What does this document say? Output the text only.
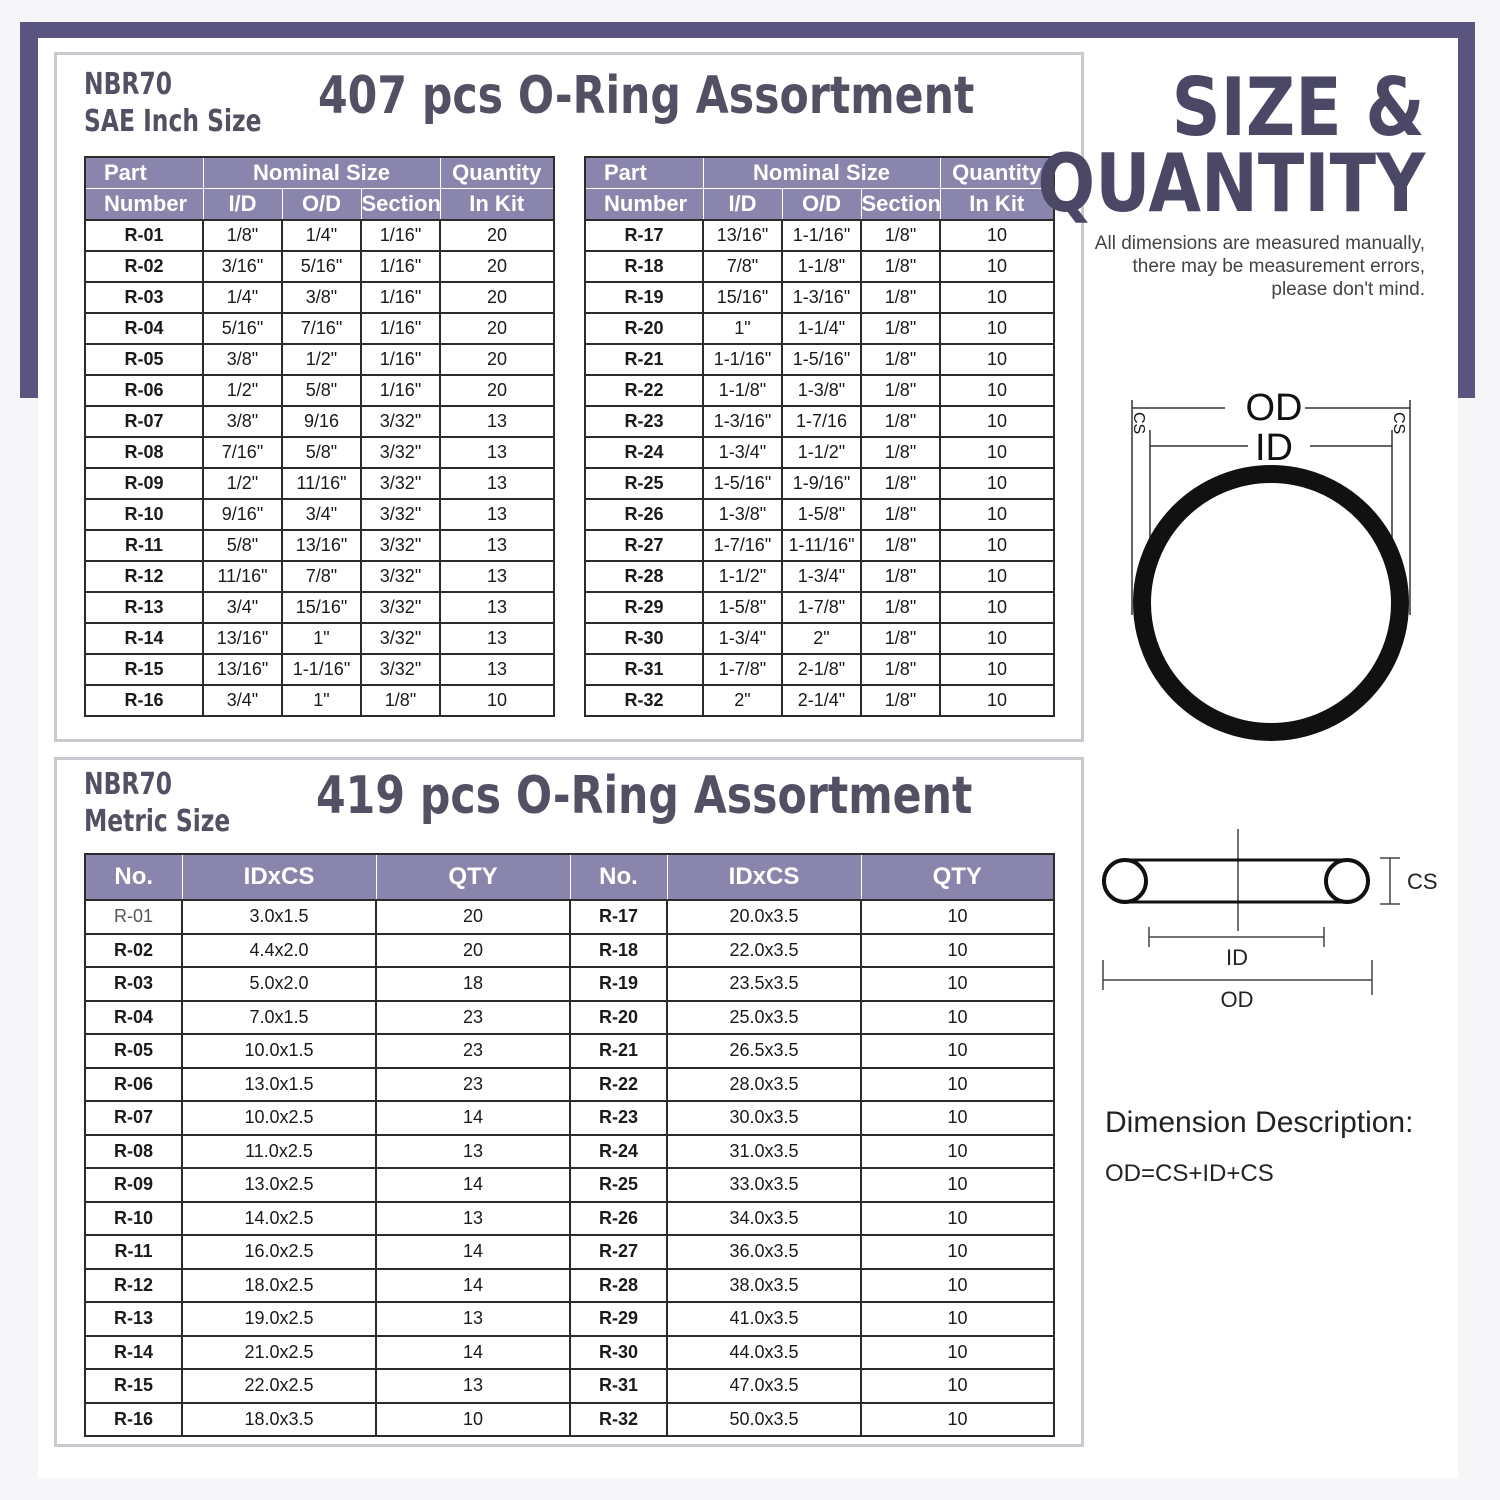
NBR70
SAE Inch Size 407 pcs O-Ring Assortment
Part	Nominal Size			Quantity
Number	I/D	O/D	Section	In Kit
R-01	1/8"	1/4"	1/16"	20
R-02	3/16"	5/16"	1/16"	20
R-03	1/4"	3/8"	1/16"	20
R-04	5/16"	7/16"	1/16"	20
R-05	3/8"	1/2"	1/16"	20
R-06	1/2"	5/8"	1/16"	20
R-07	3/8"	9/16	3/32"	13
R-08	7/16"	5/8"	3/32"	13
R-09	1/2"	11/16"	3/32"	13
R-10	9/16"	3/4"	3/32"	13
R-11	5/8"	13/16"	3/32"	13
R-12	11/16"	7/8"	3/32"	13
R-13	3/4"	15/16"	3/32"	13
R-14	13/16"	1"	3/32"	13
R-15	13/16"	1-1/16"	3/32"	13
R-16	3/4"	1"	1/8"	10
Part	Nominal Size			Quantity
Number	I/D	O/D	Section	In Kit
R-17	13/16"	1-1/16"	1/8"	10
R-18	7/8"	1-1/8"	1/8"	10
R-19	15/16"	1-3/16"	1/8"	10
R-20	1"	1-1/4"	1/8"	10
R-21	1-1/16"	1-5/16"	1/8"	10
R-22	1-1/8"	1-3/8"	1/8"	10
R-23	1-3/16"	1-7/16	1/8"	10
R-24	1-3/4"	1-1/2"	1/8"	10
R-25	1-5/16"	1-9/16"	1/8"	10
R-26	1-3/8"	1-5/8"	1/8"	10
R-27	1-7/16"	1-11/16"	1/8"	10
R-28	1-1/2"	1-3/4"	1/8"	10
R-29	1-5/8"	1-7/8"	1/8"	10
R-30	1-3/4"	2"	1/8"	10
R-31	1-7/8"	2-1/8"	1/8"	10
R-32	2"	2-1/4"	1/8"	10
NBR70
Metric Size 419 pcs O-Ring Assortment
No.	IDxCS	QTY	No.	IDxCS	QTY
R-01	3.0x1.5	20	R-17	20.0x3.5	10
R-02	4.4x2.0	20	R-18	22.0x3.5	10
R-03	5.0x2.0	18	R-19	23.5x3.5	10
R-04	7.0x1.5	23	R-20	25.0x3.5	10
R-05	10.0x1.5	23	R-21	26.5x3.5	10
R-06	13.0x1.5	23	R-22	28.0x3.5	10
R-07	10.0x2.5	14	R-23	30.0x3.5	10
R-08	11.0x2.5	13	R-24	31.0x3.5	10
R-09	13.0x2.5	14	R-25	33.0x3.5	10
R-10	14.0x2.5	13	R-26	34.0x3.5	10
R-11	16.0x2.5	14	R-27	36.0x3.5	10
R-12	18.0x2.5	14	R-28	38.0x3.5	10
R-13	19.0x2.5	13	R-29	41.0x3.5	10
R-14	21.0x2.5	14	R-30	44.0x3.5	10
R-15	22.0x2.5	13	R-31	47.0x3.5	10
R-16	18.0x3.5	10	R-32	50.0x3.5	10
SIZE &
QUANTITY
All dimensions are measured manually,
there may be measurement errors,
please don't mind.
OD
ID
CS	CS
CS
ID
OD
Dimension Description:
OD=CS+ID+CS
